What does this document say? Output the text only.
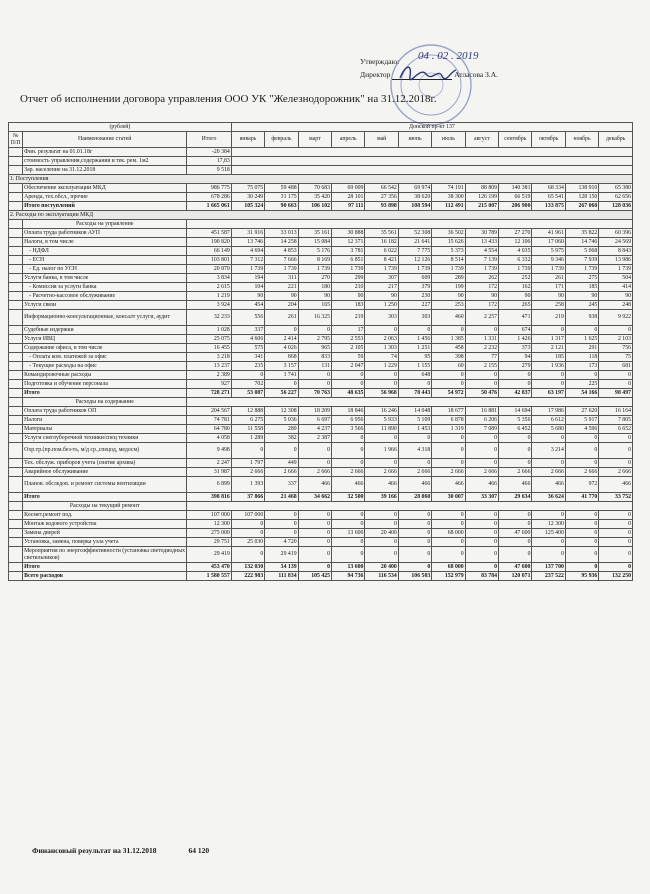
Утверждаю:
Директор	Атласова З.А.
04 . 02 . 2019
Отчет об исполнении договора управления ООО УК "Железнодорожник" на 31.12.2018г.
(рублей)			Донской пр-кт 137											
№ П/П	Наименование статей	Итого	январь	февраль	март	апрель	май	июнь	июль	август	сентябрь	октябрь	ноябрь	декабрь
	Фин. результат на 01.01.18г	-20 384												
	стоимость управления,содержания и тек. рем. 1м2	17,83												
	Зар. население на 31.12.2018	9 518												
1. Поступления														
	Обеспечение эксплуатации МКД	986 775	75 075	59 488	70 683	69 009	66 542	69 974	74 191	88 809	140 381	68 334	138 910	65 380
	Аренда, тех.обсл., прочие	678 286	30 249	31 175	35 420	28 101	27 356	38 620	38 300	126 199	66 519	65 541	128 150	62 656
	Итого поступлений	1 665 061	105 324	90 663	106 102	97 111	93 898	108 594	112 491	215 007	206 900	133 875	267 060	128 036
2. Расходы по эксплуатации МКД														
	Расходы на управление													
	Оплата труда работников АУП	451 587	31 916	33 013	35 161	30 888	35 561	52 308	36 502	30 789	27 270	41 961	35 822	60 396
	Налоги, в том числе	190 820	13 746	14 258	15 084	12 371	16 182	21 641	15 626	13 433	12 106	17 060	14 746	24 569
	- НДФЛ	66 149	4 694	4 853	5 176	3 781	6 022	7 775	5 373	4 554	4 035	5 975	5 068	8 843
	- ЕСН	103 801	7 312	7 666	8 169	6 851	8 421	12 126	8 514	7 139	6 332	9 346	7 939	13 986
	- Ед. налог по УСН	20 870	1 739	1 739	1 739	1 739	1 739	1 739	1 739	1 739	1 739	1 739	1 739	1 739
	Услуги банка, в том числе	3 834	194	311	270	299	307	609	289	262	252	261	275	504
	- Комиссия за услуги банка	2 615	104	221	180	210	217	379	199	172	162	171	185	414
	- Расчетно-кассовое обслуживание	1 219	90	90	90	90	90	230	90	90	90	90	90	90
	Услуги связи	3 924	454	204	165	183	1 250	227	253	172	265	258	245	248
	Информационно-консультационные, консалт услуги, аудит	32 233	556	261	16 325	219	303	303	460	2 257	471	219	938	9 922
	Судебные издержки	1 028	337	0	0	17	0	0	0	0	674	0	0	0
	Услуги ИВЦ	25 075	4 606	2 414	2 795	2 553	2 063	1 456	1 385	1 331	1 426	1 317	1 625	2 103
	Содержание офиса, в том числе	16 455	575	4 026	965	2 105	1 303	1 251	458	2 232	373	2 121	291	756
	- Оплата ком. платежей за офис	3 218	341	868	833	59	74	95	398	77	94	185	118	75
	- Текущие расходы на офис	13 237	235	3 157	131	2 047	1 229	1 155	60	2 155	279	1 936	173	681
	Командировочные расходы	2 389	0	1 741	0	0	0	648	0	0	0	0	0	0
	Подготовка и обучение персонала	927	702	0	0	0	0	0	0	0	0	0	225	0
	Итого	728 271	53 087	56 227	70 763	48 635	56 968	78 443	54 972	50 476	42 837	63 197	54 166	98 497
	Расходы на содержание													
	Оплата труда работников ОП	204 567	12 888	12 308	18 209	18 846	16 246	14 048	18 677	16 881	14 694	17 986	27 620	16 164
	Налоги	74 781	6 275	5 036	6 697	6 956	5 933	5 109	6 878	6 206	5 356	6 612	5 917	7 805
	Материалы	64 780	11 558	289	4 237	3 566	11 890	1 453	1 319	7 089	6 452	5 680	4 596	6 652
	Услуги снегоуборочной техники/спец техники	4 058	1 289	382	2 387	0	0	0	0	0	0	0	0	0
	Охр.тр.(пр.пом.без-ть, м/д ср.,спецод, медосм)	9 498	0	0	0	0	1 966	4 318	0	0	0	3 214	0	0
	Тех. обслуж. приборов учета (снятие архива)	2 247	1 797	449	0	0	0	0	0	0	0	0	0	0
	Аварийное обслуживание	31 987	2 666	2 666	2 666	2 666	2 666	2 666	2 666	2 666	2 666	2 666	2 666	2 666
	Планов. обследов. и ремонт системы вентиляции	6 899	1 393	337	466	466	466	466	466	466	466	466	972	466
	Итого	398 816	37 866	21 468	34 662	32 500	39 166	28 060	30 007	33 307	29 634	36 624	41 770	33 752
	Расходы на текущий ремонт													
	Космет.ремонт под.	107 000	107 000	0	0	0	0	0	0	0	0	0	0	0
	Монтаж кодового устройства	12 300	0	0	0	0	0	0	0	0	0	12 300	0	0
	Замена дверей	275 000	0	0	0	13 600	20 400	0	68 000	0	47 600	125 400	0	0
	Установка, замена, поверка узла учета	29 751	25 030	4 720	0	0	0	0	0	0	0	0	0	0
	Мероприятия по энергоэффективности (установка светодиодных светильников)	29 419	0	29 419	0	0	0	0	0	0	0	0	0	0
	Итого	453 470	132 030	34 139	0	13 600	20 400	0	68 000	0	47 600	137 700	0	0
	Всего расходов	1 580 557	222 983	111 834	105 425	94 736	116 534	106 503	152 979	83 784	120 071	237 522	95 936	132 250
Финансовый результат на 31.12.2018	64 120
